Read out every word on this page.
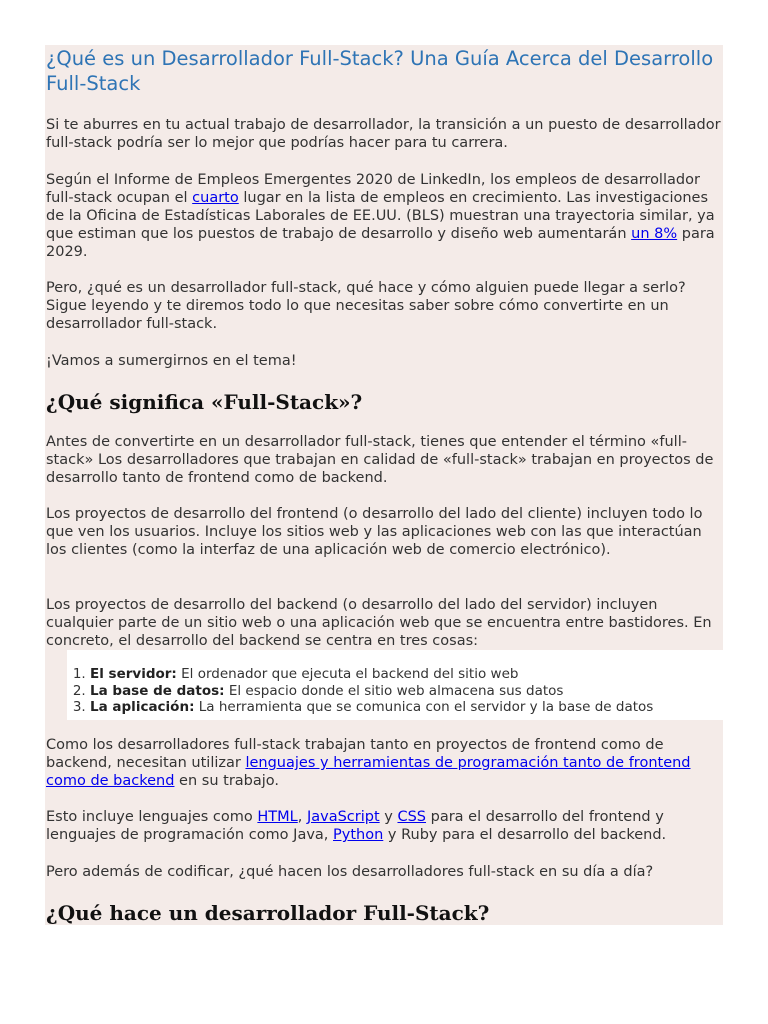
¿Qué es un Desarrollador Full-Stack? Una Guía Acerca del Desarrollo Full-Stack

Si te aburres en tu actual trabajo de desarrollador, la transición a un puesto de desarrollador full-stack podría ser lo mejor que podrías hacer para tu carrera.

Según el Informe de Empleos Emergentes 2020 de LinkedIn, los empleos de desarrollador full-stack ocupan el cuarto lugar en la lista de empleos en crecimiento. Las investigaciones de la Oficina de Estadísticas Laborales de EE.UU. (BLS) muestran una trayectoria similar, ya que estiman que los puestos de trabajo de desarrollo y diseño web aumentarán un 8% para 2029.

Pero, ¿qué es un desarrollador full-stack, qué hace y cómo alguien puede llegar a serlo? Sigue leyendo y te diremos todo lo que necesitas saber sobre cómo convertirte en un desarrollador full-stack.

¡Vamos a sumergirnos en el tema!

¿Qué significa «Full-Stack»?

Antes de convertirte en un desarrollador full-stack, tienes que entender el término «full-stack» Los desarrolladores que trabajan en calidad de «full-stack» trabajan en proyectos de desarrollo tanto de frontend como de backend.

Los proyectos de desarrollo del frontend (o desarrollo del lado del cliente) incluyen todo lo que ven los usuarios. Incluye los sitios web y las aplicaciones web con las que interactúan los clientes (como la interfaz de una aplicación web de comercio electrónico).

Los proyectos de desarrollo del backend (o desarrollo del lado del servidor) incluyen cualquier parte de un sitio web o una aplicación web que se encuentra entre bastidores. En concreto, el desarrollo del backend se centra en tres cosas:

1. El servidor: El ordenador que ejecuta el backend del sitio web
2. La base de datos: El espacio donde el sitio web almacena sus datos
3. La aplicación: La herramienta que se comunica con el servidor y la base de datos

Como los desarrolladores full-stack trabajan tanto en proyectos de frontend como de backend, necesitan utilizar lenguajes y herramientas de programación tanto de frontend como de backend en su trabajo.

Esto incluye lenguajes como HTML, JavaScript y CSS para el desarrollo del frontend y lenguajes de programación como Java, Python y Ruby para el desarrollo del backend.

Pero además de codificar, ¿qué hacen los desarrolladores full-stack en su día a día?

¿Qué hace un desarrollador Full-Stack?
